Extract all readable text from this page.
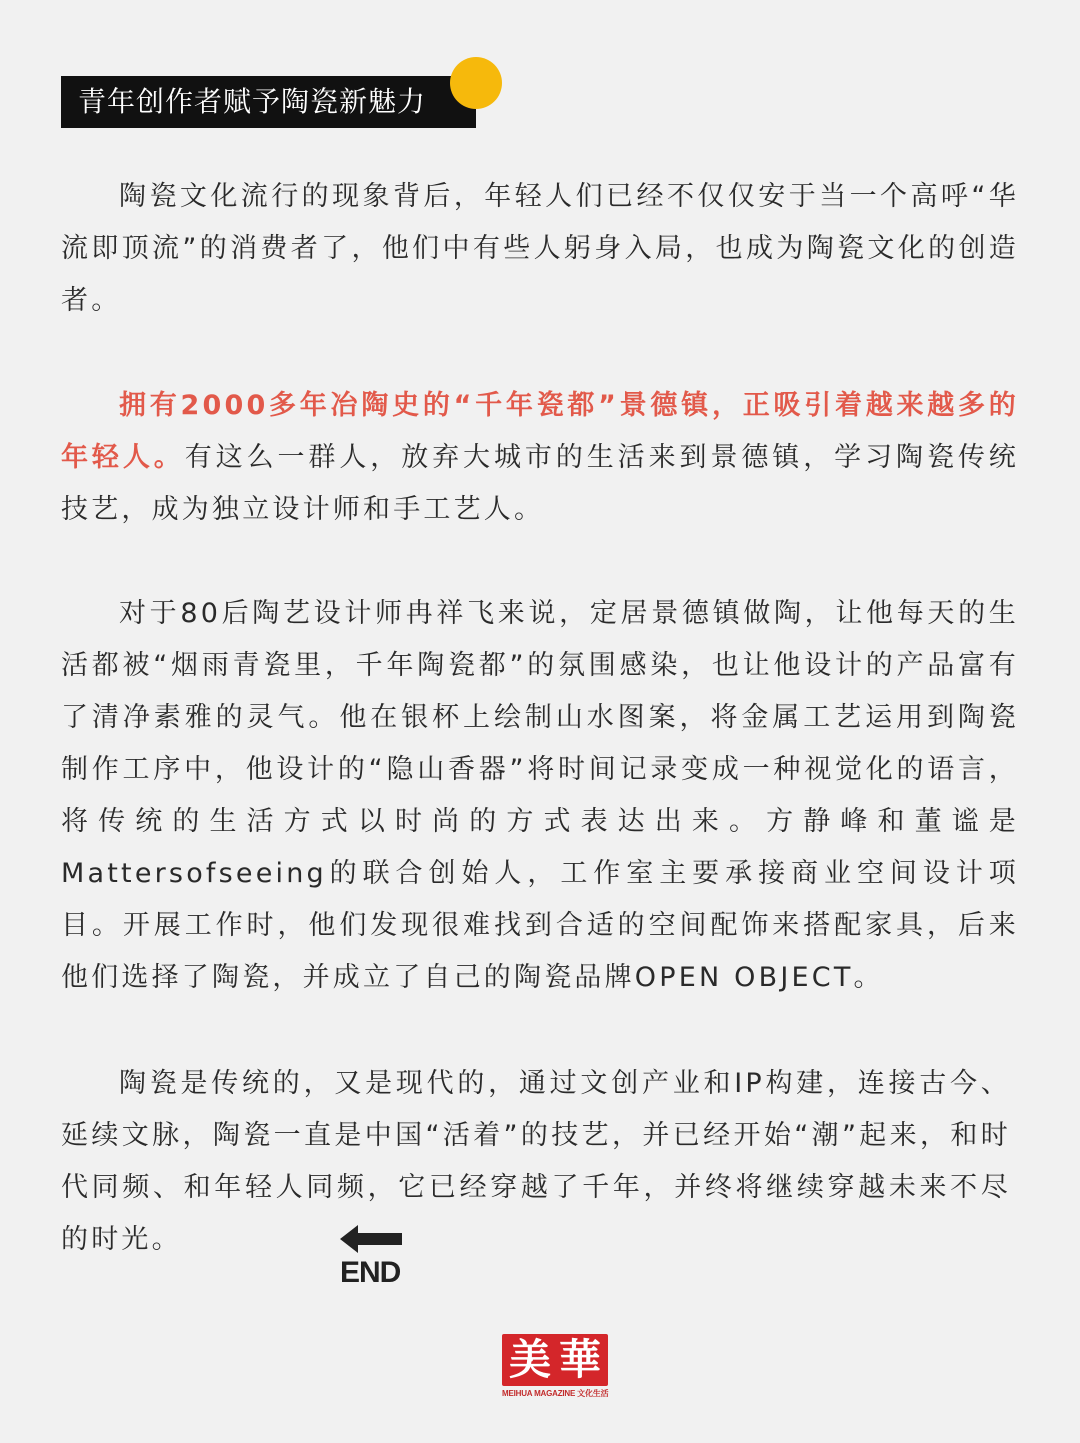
青年创作者赋予陶瓷新魅力

陶瓷文化流行的现象背后，年轻人们已经不仅仅安于当一个高呼“华流即顶流”的消费者了，他们中有些人躬身入局，也成为陶瓷文化的创造者。

拥有2000多年冶陶史的“千年瓷都”景德镇，正吸引着越来越多的年轻人。有这么一群人，放弃大城市的生活来到景德镇，学习陶瓷传统技艺，成为独立设计师和手工艺人。

对于80后陶艺设计师冉祥飞来说，定居景德镇做陶，让他每天的生活都被“烟雨青瓷里，千年陶瓷都”的氛围感染，也让他设计的产品富有了清净素雅的灵气。他在银杯上绘制山水图案，将金属工艺运用到陶瓷制作工序中，他设计的“隐山香器”将时间记录变成一种视觉化的语言，将传统的生活方式以时尚的方式表达出来。方静峰和董谧是Mattersofseeing的联合创始人，工作室主要承接商业空间设计项目。开展工作时，他们发现很难找到合适的空间配饰来搭配家具，后来他们选择了陶瓷，并成立了自己的陶瓷品牌OPEN OBJECT。

陶瓷是传统的，又是现代的，通过文创产业和IP构建，连接古今、延续文脉，陶瓷一直是中国“活着”的技艺，并已经开始“潮”起来，和时代同频、和年轻人同频，它已经穿越了千年，并终将继续穿越未来不尽的时光。

END
美 華
MEIHUA MAGAZINE 文化生活
